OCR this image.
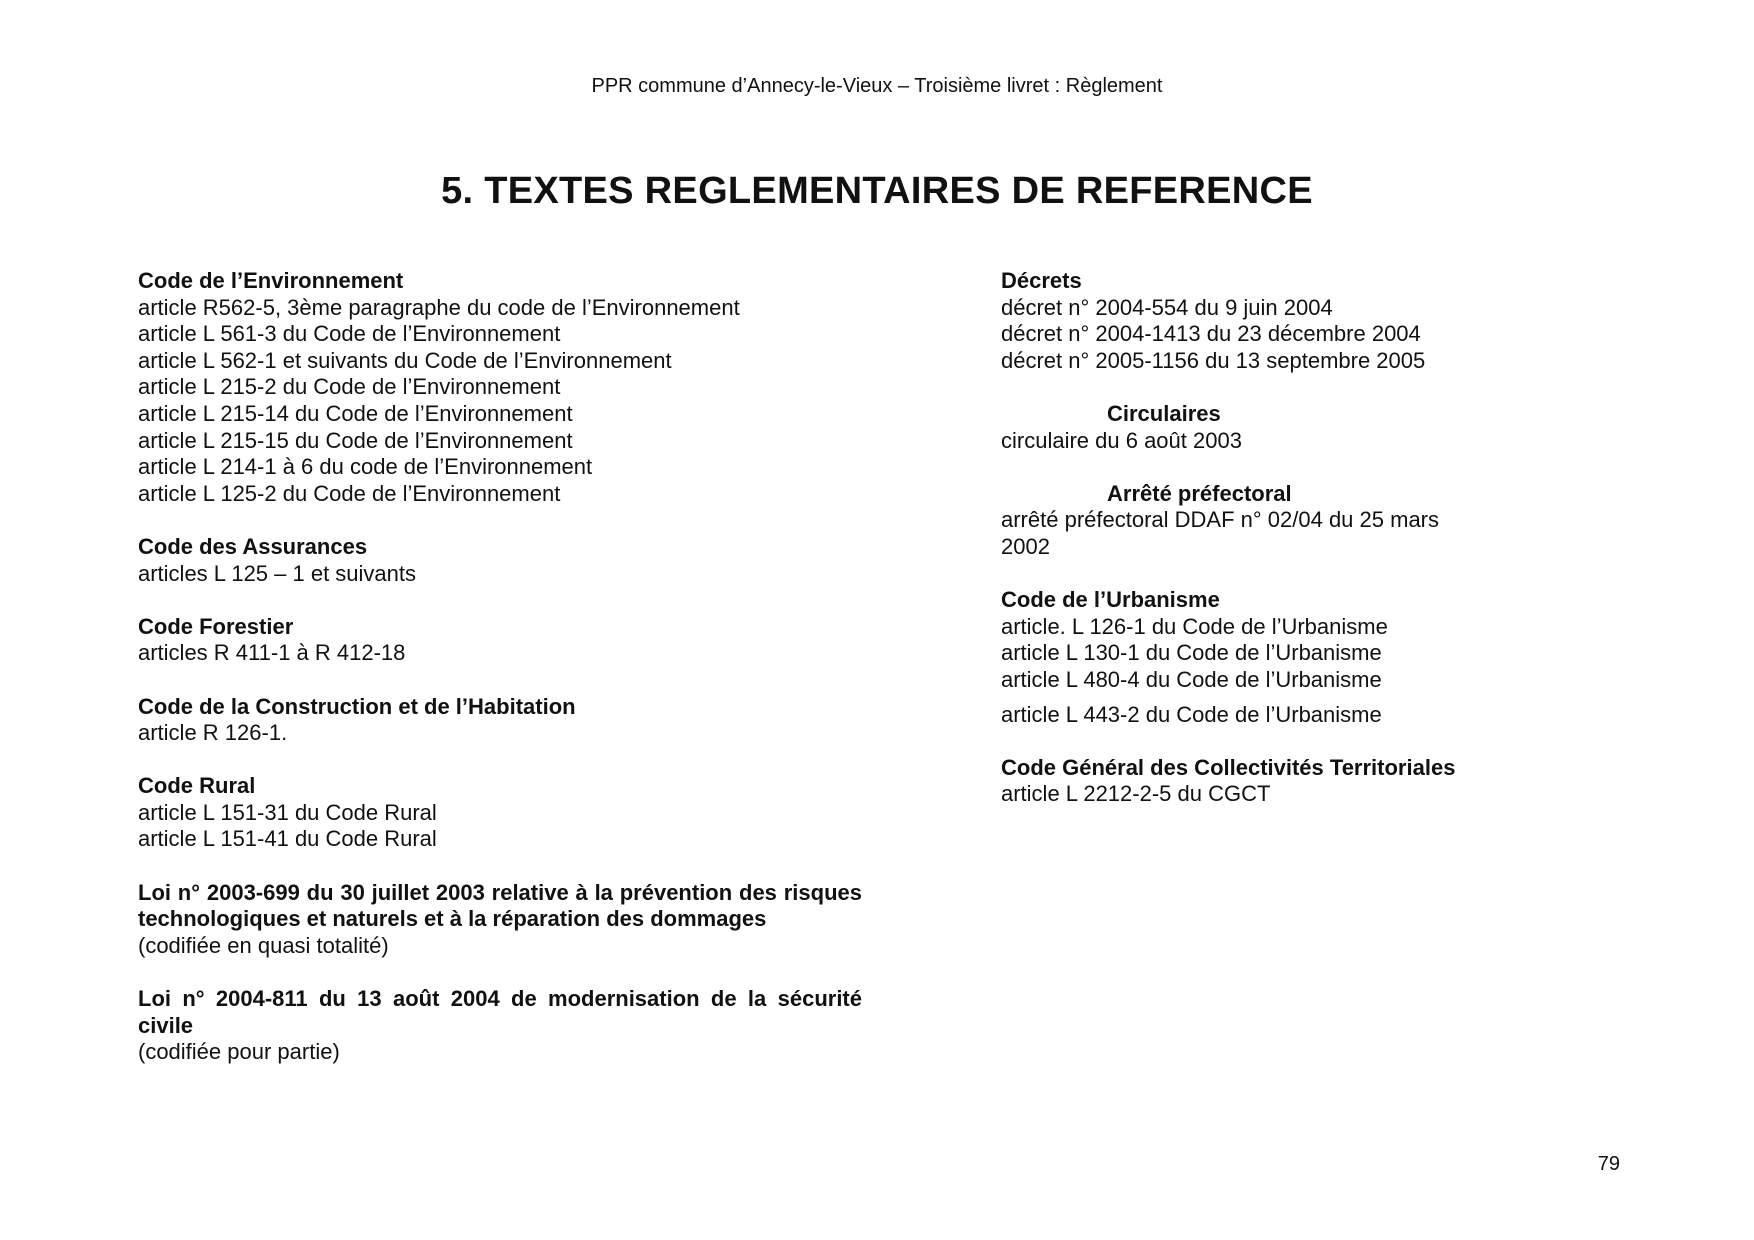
PPR commune d’Annecy-le-Vieux – Troisième livret : Règlement
5. TEXTES REGLEMENTAIRES DE REFERENCE

Code de l’Environnement

article R562-5, 3ème paragraphe du code de l’Environnement

article L 561-3 du Code de l’Environnement

article L 562-1 et suivants du Code de l’Environnement

article L 215-2 du Code de l’Environnement

article L 215-14 du Code de l’Environnement

article L 215-15 du Code de l’Environnement

article L 214-1 à 6 du code de l’Environnement

article L 125-2 du Code de l’Environnement

Code des Assurances

articles L 125 – 1 et suivants

Code Forestier

articles R 411-1 à R 412-18

Code de la Construction et de l’Habitation

article R 126-1.

Code Rural

article L 151-31 du Code Rural

article L 151-41 du Code Rural

Loi n° 2003-699 du 30 juillet 2003 relative à la prévention des risques technologiques et naturels et à la réparation des dommages

(codifiée en quasi totalité)

Loi n° 2004-811 du 13 août 2004 de modernisation de la sécurité civile

(codifiée pour partie)

Décrets

décret n° 2004-554 du 9 juin 2004

décret n° 2004-1413 du 23 décembre 2004

décret n° 2005-1156 du 13 septembre 2005

Circulaires

circulaire du 6 août 2003

Arrêté préfectoral

arrêté préfectoral DDAF n° 02/04 du 25 mars

2002

Code de l’Urbanisme

article. L 126-1 du Code de l’Urbanisme

article L 130-1 du Code de l’Urbanisme

article L 480-4 du Code de l’Urbanisme

article L 443-2 du Code de l’Urbanisme

Code Général des Collectivités Territoriales

article L 2212-2-5 du CGCT

79
